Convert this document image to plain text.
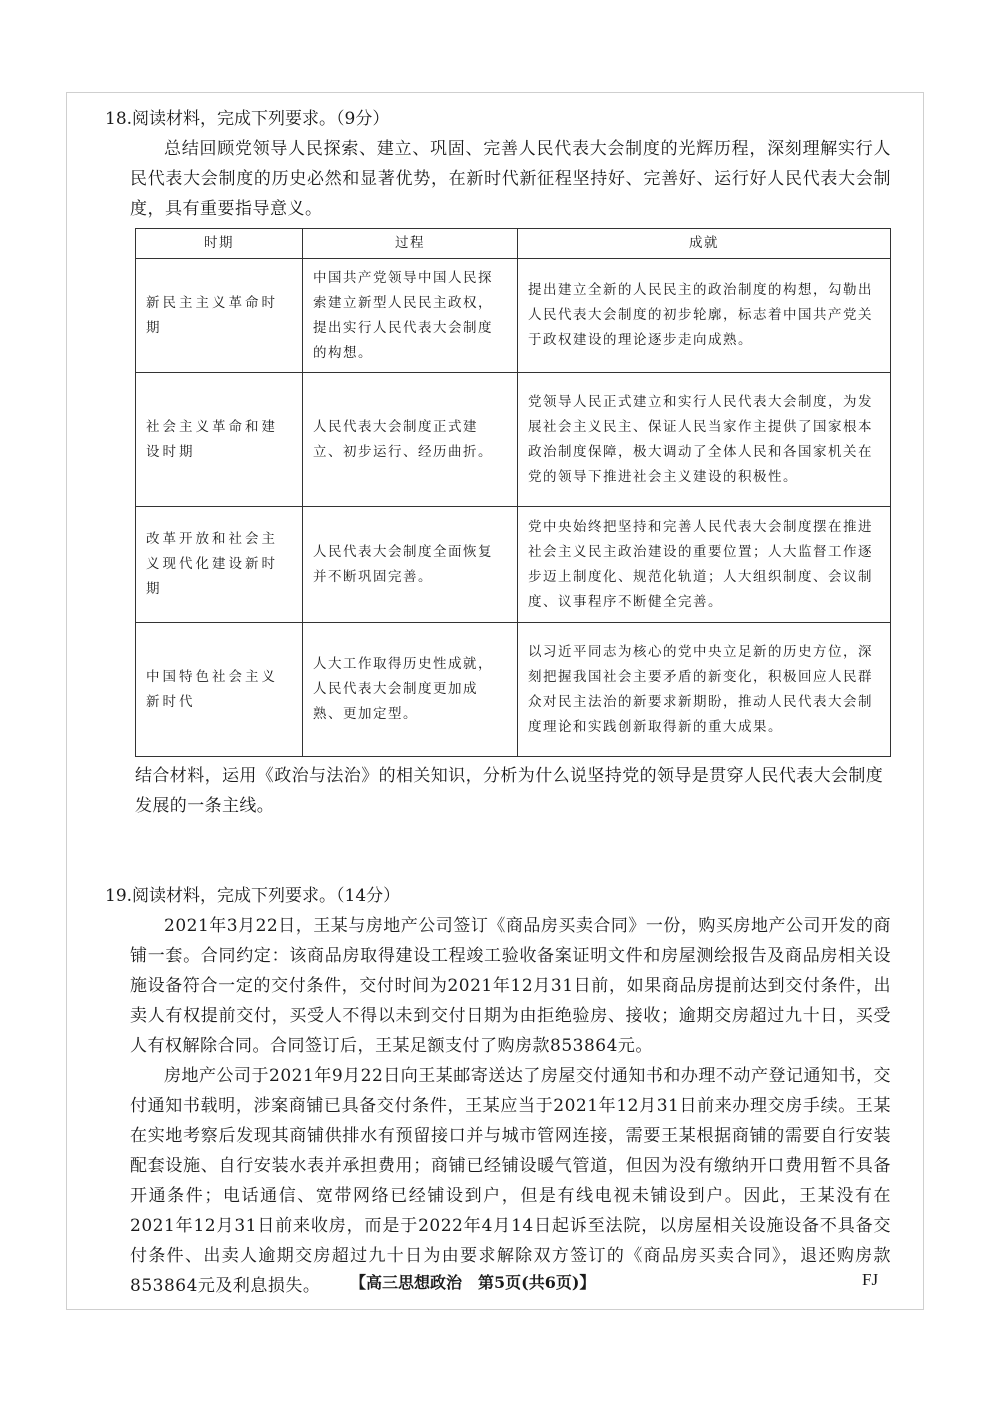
18.阅读材料，完成下列要求。（9分）

总结回顾党领导人民探索、建立、巩固、完善人民代表大会制度的光辉历程，深刻理解实行人民代表大会制度的历史必然和显著优势，在新时代新征程坚持好、完善好、运行好人民代表大会制度，具有重要指导意义。

时期	过程	成就
新民主主义革命时期	中国共产党领导中国人民探索建立新型人民民主政权，提出实行人民代表大会制度的构想。	提出建立全新的人民民主的政治制度的构想，勾勒出人民代表大会制度的初步轮廓，标志着中国共产党关于政权建设的理论逐步走向成熟。
社会主义革命和建设时期	人民代表大会制度正式建立、初步运行、经历曲折。	党领导人民正式建立和实行人民代表大会制度，为发展社会主义民主、保证人民当家作主提供了国家根本政治制度保障，极大调动了全体人民和各国家机关在党的领导下推进社会主义建设的积极性。
改革开放和社会主义现代化建设新时期	人民代表大会制度全面恢复并不断巩固完善。	党中央始终把坚持和完善人民代表大会制度摆在推进社会主义民主政治建设的重要位置；人大监督工作逐步迈上制度化、规范化轨道；人大组织制度、会议制度、议事程序不断健全完善。
中国特色社会主义新时代	人大工作取得历史性成就，人民代表大会制度更加成熟、更加定型。	以习近平同志为核心的党中央立足新的历史方位，深刻把握我国社会主要矛盾的新变化，积极回应人民群众对民主法治的新要求新期盼，推动人民代表大会制度理论和实践创新取得新的重大成果。

结合材料，运用《政治与法治》的相关知识，分析为什么说坚持党的领导是贯穿人民代表大会制度发展的一条主线。

19.阅读材料，完成下列要求。（14分）

2021年3月22日，王某与房地产公司签订《商品房买卖合同》一份，购买房地产公司开发的商铺一套。合同约定：该商品房取得建设工程竣工验收备案证明文件和房屋测绘报告及商品房相关设施设备符合一定的交付条件，交付时间为2021年12月31日前，如果商品房提前达到交付条件，出卖人有权提前交付，买受人不得以未到交付日期为由拒绝验房、接收；逾期交房超过九十日，买受人有权解除合同。合同签订后，王某足额支付了购房款853864元。

房地产公司于2021年9月22日向王某邮寄送达了房屋交付通知书和办理不动产登记通知书，交付通知书载明，涉案商铺已具备交付条件，王某应当于2021年12月31日前来办理交房手续。王某在实地考察后发现其商铺供排水有预留接口并与城市管网连接，需要王某根据商铺的需要自行安装配套设施、自行安装水表并承担费用；商铺已经铺设暖气管道，但因为没有缴纳开口费用暂不具备开通条件；电话通信、宽带网络已经铺设到户，但是有线电视未铺设到户。因此，王某没有在2021年12月31日前来收房，而是于2022年4月14日起诉至法院，以房屋相关设施设备不具备交付条件、出卖人逾期交房超过九十日为由要求解除双方签订的《商品房买卖合同》，退还购房款853864元及利息损失。	【高三思想政治　第5页(共6页)】	FJ
